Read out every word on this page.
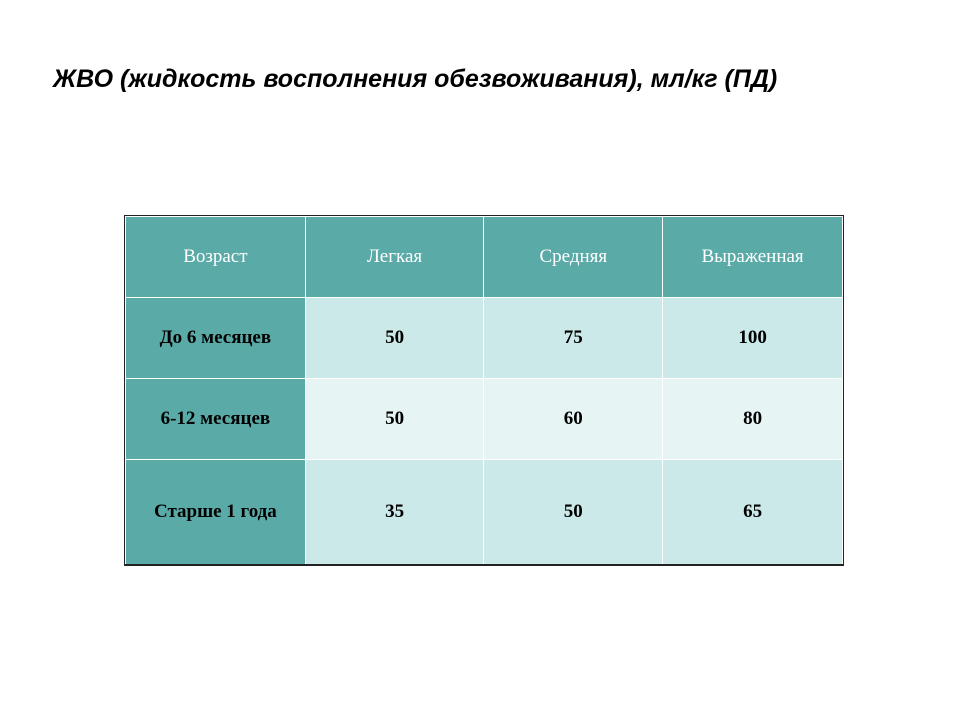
ЖВО (жидкость восполнения обезвоживания), мл/кг (ПД)

Возраст	Легкая	Средняя	Выраженная
До 6 месяцев	50	75	100
6-12 месяцев	50	60	80
Старше 1 года	35	50	65
